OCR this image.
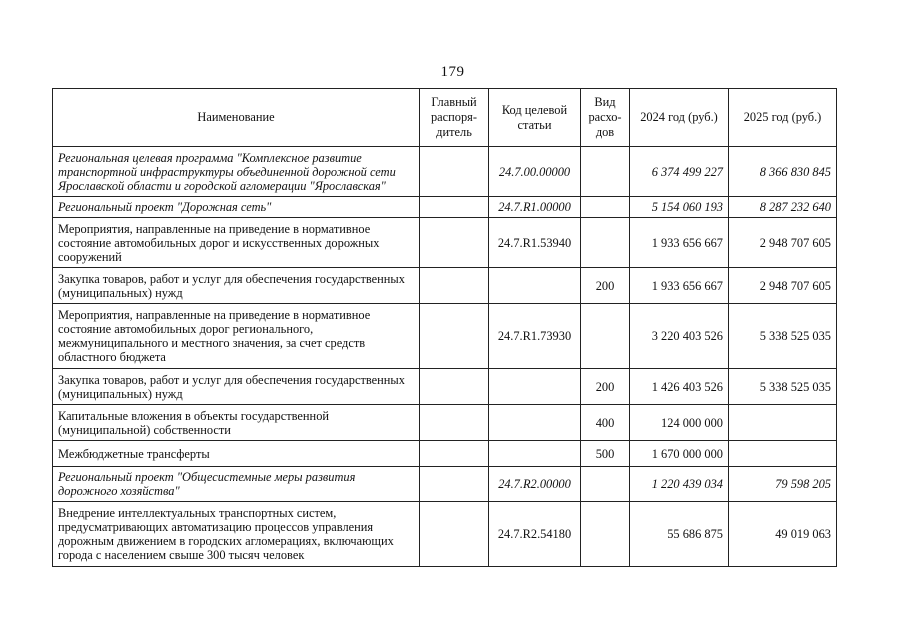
179
Наименование	Главный распоря-дитель	Код целевой статьи	Вид расхо-дов	2024 год (руб.)	2025 год (руб.)
Региональная целевая программа "Комплексное развитие транспортной инфраструктуры объединенной дорожной сети Ярославской области и городской агломерации "Ярославская"		24.7.00.00000		6 374 499 227	8 366 830 845
Региональный проект "Дорожная сеть"		24.7.R1.00000		5 154 060 193	8 287 232 640
Мероприятия, направленные на приведение в нормативное состояние автомобильных дорог и искусственных дорожных сооружений		24.7.R1.53940		1 933 656 667	2 948 707 605
Закупка товаров, работ и услуг для обеспечения государственных (муниципальных) нужд			200	1 933 656 667	2 948 707 605
Мероприятия, направленные на приведение в нормативное состояние автомобильных дорог регионального, межмуниципального и местного значения, за счет средств областного бюджета		24.7.R1.73930		3 220 403 526	5 338 525 035
Закупка товаров, работ и услуг для обеспечения государственных (муниципальных) нужд			200	1 426 403 526	5 338 525 035
Капитальные вложения в объекты государственной (муниципальной) собственности			400	124 000 000	
Межбюджетные трансферты			500	1 670 000 000	
Региональный проект "Общесистемные меры развития дорожного хозяйства"		24.7.R2.00000		1 220 439 034	79 598 205
Внедрение интеллектуальных транспортных систем, предусматривающих автоматизацию процессов управления дорожным движением в городских агломерациях, включающих города с населением свыше 300 тысяч человек		24.7.R2.54180		55 686 875	49 019 063
